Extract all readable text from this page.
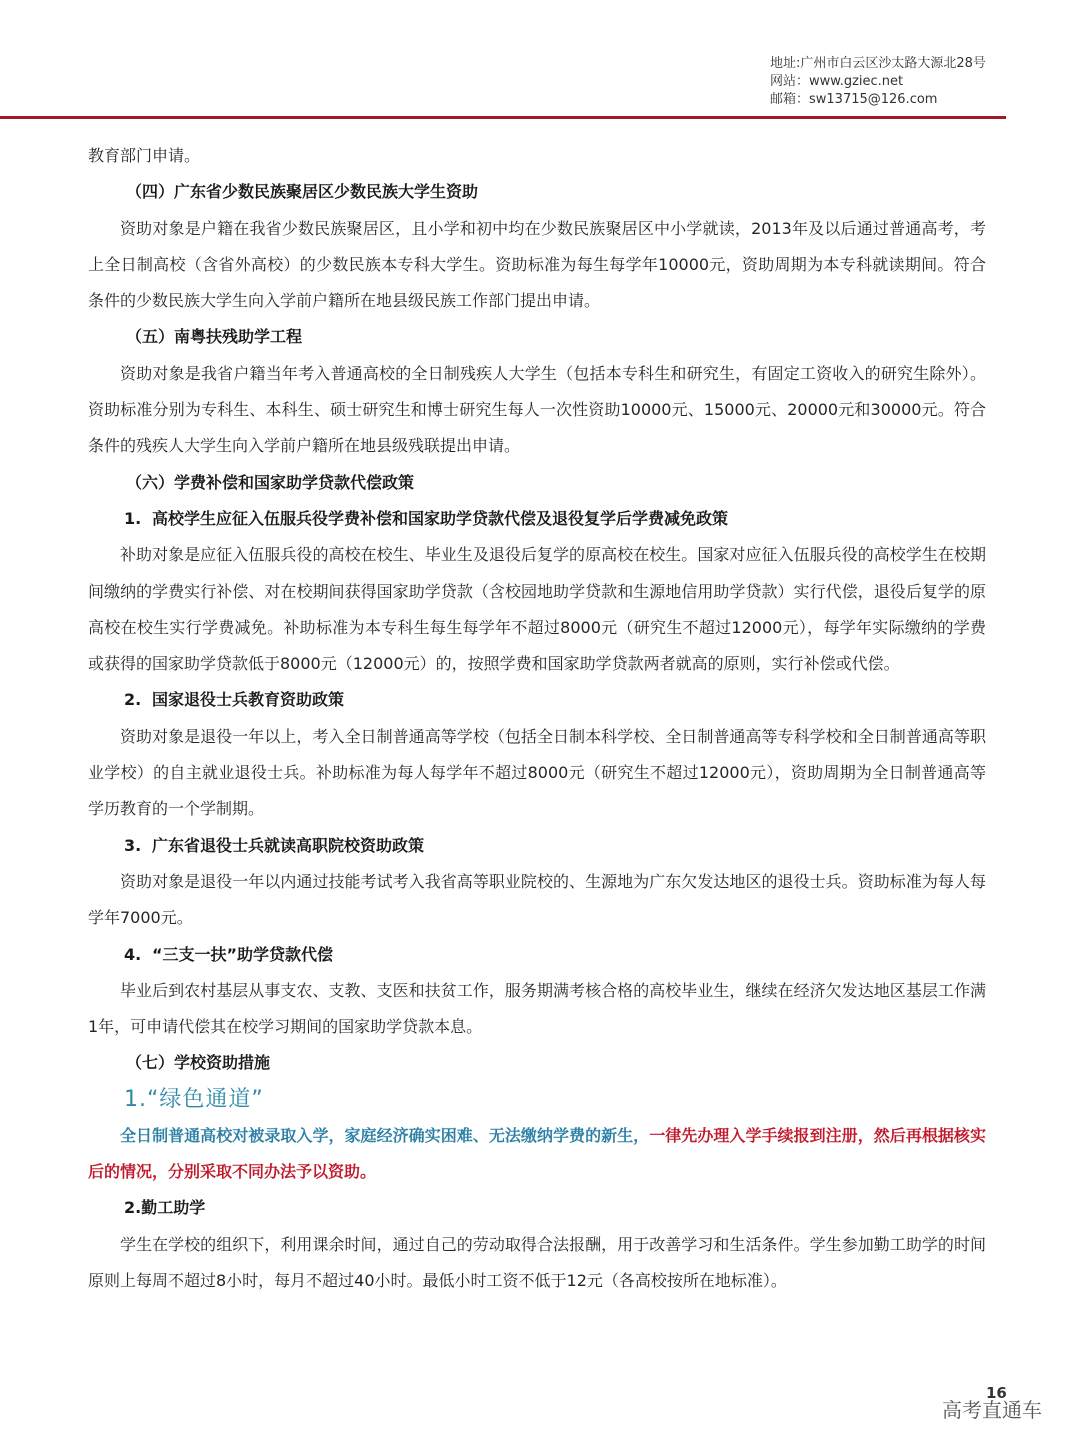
地址:广州市白云区沙太路大源北28号
网站：www.gziec.net
邮箱：sw13715@126.com

教育部门申请。

（四）广东省少数民族聚居区少数民族大学生资助

资助对象是户籍在我省少数民族聚居区，且小学和初中均在少数民族聚居区中小学就读，2013年及以后通过普通高考，考上全日制高校（含省外高校）的少数民族本专科大学生。资助标准为每生每学年10000元，资助周期为本专科就读期间。符合条件的少数民族大学生向入学前户籍所在地县级民族工作部门提出申请。

（五）南粤扶残助学工程

资助对象是我省户籍当年考入普通高校的全日制残疾人大学生（包括本专科生和研究生，有固定工资收入的研究生除外）。资助标准分别为专科生、本科生、硕士研究生和博士研究生每人一次性资助10000元、15000元、20000元和30000元。符合条件的残疾人大学生向入学前户籍所在地县级残联提出申请。

（六）学费补偿和国家助学贷款代偿政策

1. 高校学生应征入伍服兵役学费补偿和国家助学贷款代偿及退役复学后学费减免政策

补助对象是应征入伍服兵役的高校在校生、毕业生及退役后复学的原高校在校生。国家对应征入伍服兵役的高校学生在校期间缴纳的学费实行补偿、对在校期间获得国家助学贷款（含校园地助学贷款和生源地信用助学贷款）实行代偿，退役后复学的原高校在校生实行学费减免。补助标准为本专科生每生每学年不超过8000元（研究生不超过12000元），每学年实际缴纳的学费或获得的国家助学贷款低于8000元（12000元）的，按照学费和国家助学贷款两者就高的原则，实行补偿或代偿。

2. 国家退役士兵教育资助政策

资助对象是退役一年以上，考入全日制普通高等学校（包括全日制本科学校、全日制普通高等专科学校和全日制普通高等职业学校）的自主就业退役士兵。补助标准为每人每学年不超过8000元（研究生不超过12000元），资助周期为全日制普通高等学历教育的一个学制期。

3. 广东省退役士兵就读高职院校资助政策

资助对象是退役一年以内通过技能考试考入我省高等职业院校的、生源地为广东欠发达地区的退役士兵。资助标准为每人每学年7000元。

4. “三支一扶”助学贷款代偿

毕业后到农村基层从事支农、支教、支医和扶贫工作，服务期满考核合格的高校毕业生，继续在经济欠发达地区基层工作满1年，可申请代偿其在校学习期间的国家助学贷款本息。

（七）学校资助措施

1.“绿色通道”

全日制普通高校对被录取入学，家庭经济确实困难、无法缴纳学费的新生，一律先办理入学手续报到注册，然后再根据核实后的情况，分别采取不同办法予以资助。

2.勤工助学

学生在学校的组织下，利用课余时间，通过自己的劳动取得合法报酬，用于改善学习和生活条件。学生参加勤工助学的时间原则上每周不超过8小时，每月不超过40小时。最低小时工资不低于12元（各高校按所在地标准）。

16
高考直通车
